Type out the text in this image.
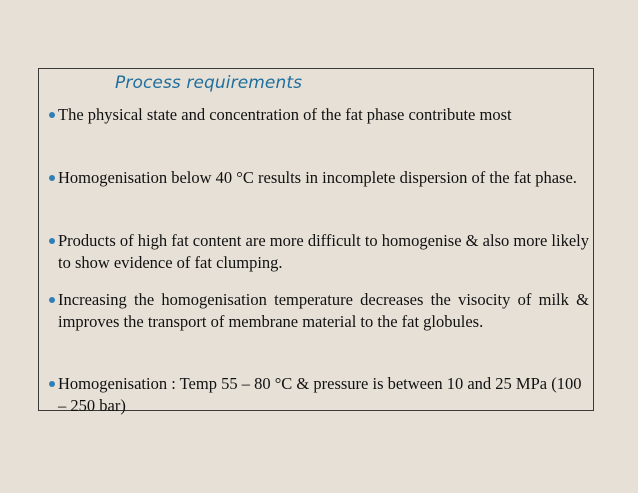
Process requirements
The physical state and concentration of the fat phase contribute most
Homogenisation below 40 °C results in incomplete dispersion of the fat phase.
Products of high fat content are more difficult to homogenise & also more likely to show evidence of fat clumping.
Increasing the homogenisation temperature decreases the visocity of milk & improves the transport of membrane material to the fat globules.
Homogenisation : Temp 55 – 80 °C & pressure is between 10 and 25 MPa (100 – 250 bar)
